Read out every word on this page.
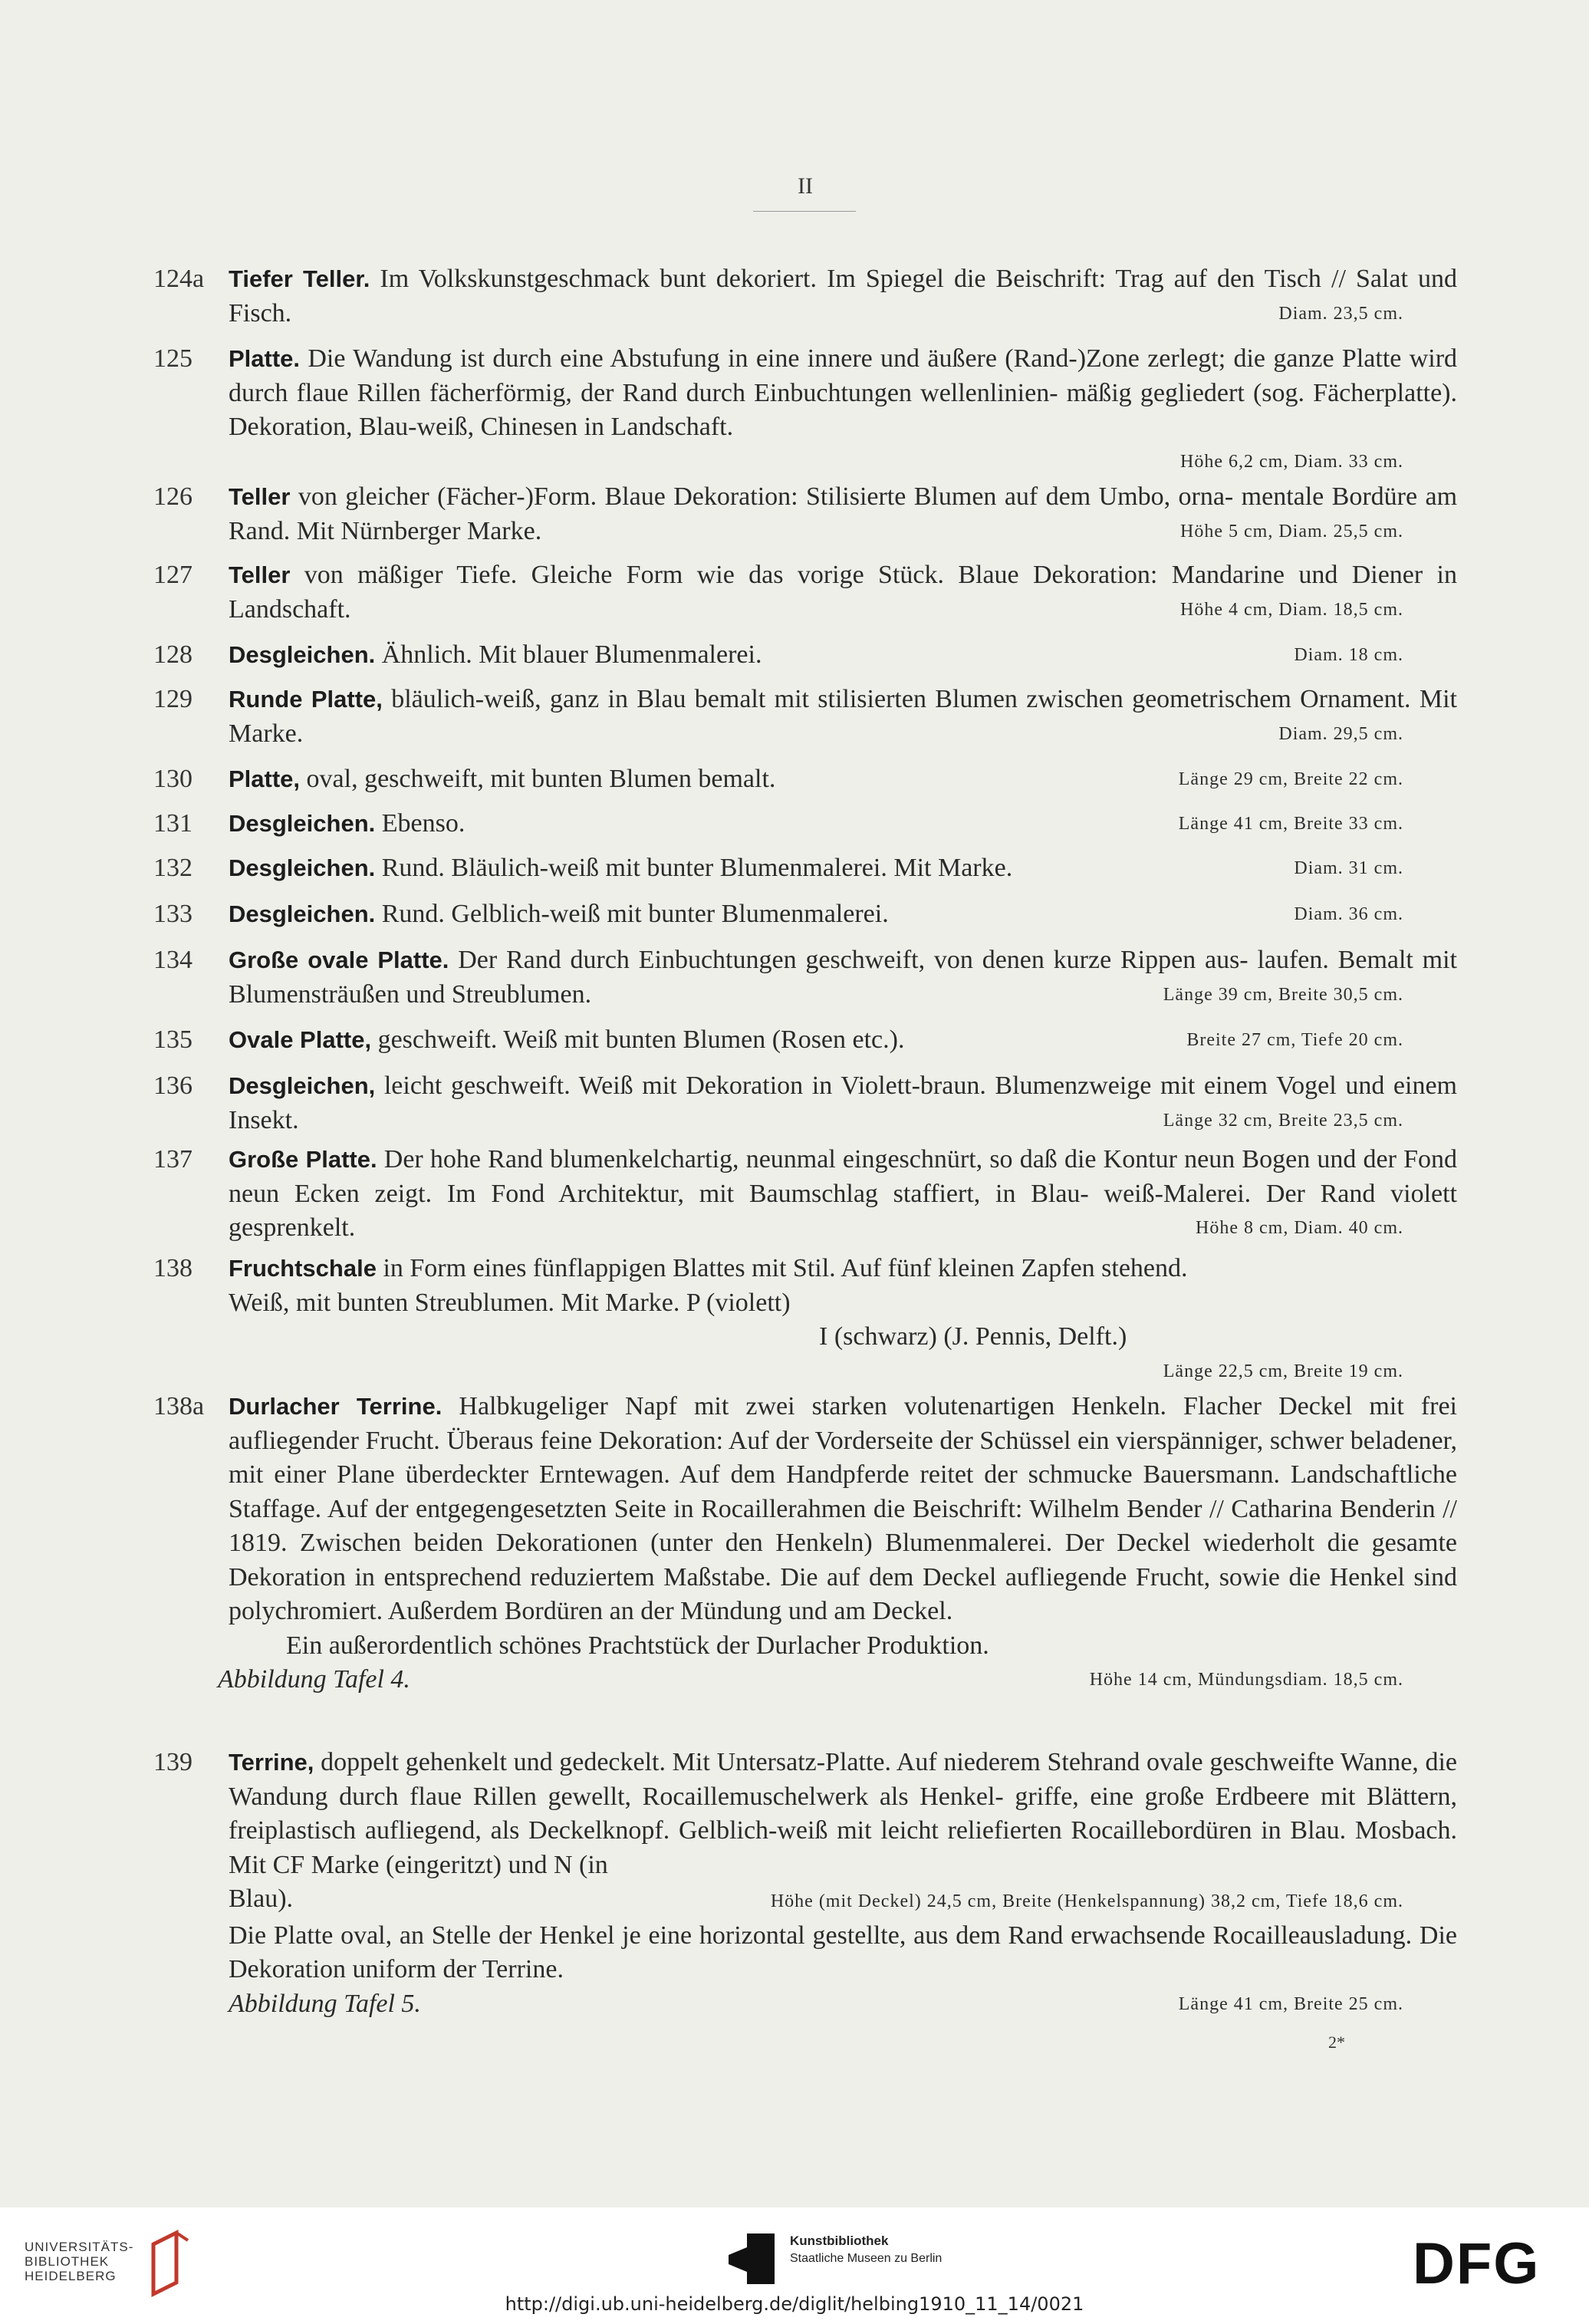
II
124a	Tiefer Teller. Im Volkskunstgeschmack bunt dekoriert. Im Spiegel die Beischrift: Trag auf den Tisch // Salat und Fisch.	Diam. 23,5 cm.
125	Platte. Die Wandung ist durch eine Abstufung in eine innere und äußere (Rand-)Zone zerlegt; die ganze Platte wird durch flaue Rillen fächerförmig, der Rand durch Einbuchtungen wellenlinien- mäßig gegliedert (sog. Fächerplatte). Dekoration, Blau-weiß, Chinesen in Landschaft.
Höhe 6,2 cm, Diam. 33 cm.
126	Teller von gleicher (Fächer-)Form. Blaue Dekoration: Stilisierte Blumen auf dem Umbo, orna- mentale Bordüre am Rand. Mit Nürnberger Marke.	Höhe 5 cm, Diam. 25,5 cm.
127	Teller von mäßiger Tiefe. Gleiche Form wie das vorige Stück. Blaue Dekoration: Mandarine und Diener in Landschaft.	Höhe 4 cm, Diam. 18,5 cm.
128	Desgleichen. Ähnlich. Mit blauer Blumenmalerei.	Diam. 18 cm.
129	Runde Platte, bläulich-weiß, ganz in Blau bemalt mit stilisierten Blumen zwischen geometrischem Ornament. Mit Marke.	Diam. 29,5 cm.
130	Platte, oval, geschweift, mit bunten Blumen bemalt.	Länge 29 cm, Breite 22 cm.
131	Desgleichen. Ebenso.	Länge 41 cm, Breite 33 cm.
132	Desgleichen. Rund. Bläulich-weiß mit bunter Blumenmalerei. Mit Marke.	Diam. 31 cm.
133	Desgleichen. Rund. Gelblich-weiß mit bunter Blumenmalerei.	Diam. 36 cm.
134	Große ovale Platte. Der Rand durch Einbuchtungen geschweift, von denen kurze Rippen aus- laufen. Bemalt mit Blumensträußen und Streublumen.	Länge 39 cm, Breite 30,5 cm.
135	Ovale Platte, geschweift. Weiß mit bunten Blumen (Rosen etc.).	Breite 27 cm, Tiefe 20 cm.
136	Desgleichen, leicht geschweift. Weiß mit Dekoration in Violett-braun. Blumenzweige mit einem Vogel und einem Insekt.	Länge 32 cm, Breite 23,5 cm.
137	Große Platte. Der hohe Rand blumenkelchartig, neunmal eingeschnürt, so daß die Kontur neun Bogen und der Fond neun Ecken zeigt. Im Fond Architektur, mit Baumschlag staffiert, in Blau- weiß-Malerei. Der Rand violett gesprenkelt.	Höhe 8 cm, Diam. 40 cm.
138	Fruchtschale in Form eines fünflappigen Blattes mit Stil. Auf fünf kleinen Zapfen stehend.
Weiß, mit bunten Streublumen. Mit Marke. P (violett)
I (schwarz) (J. Pennis, Delft.)
Länge 22,5 cm, Breite 19 cm.
138a	Durlacher Terrine. Halbkugeliger Napf mit zwei starken volutenartigen Henkeln. Flacher Deckel mit frei aufliegender Frucht. Überaus feine Dekoration: Auf der Vorderseite der Schüssel ein vierspänniger, schwer beladener, mit einer Plane überdeckter Erntewagen. Auf dem Handpferde reitet der schmucke Bauersmann. Landschaftliche Staffage. Auf der entgegengesetzten Seite in Rocaillerahmen die Beischrift: Wilhelm Bender // Catharina Benderin // 1819. Zwischen beiden Dekorationen (unter den Henkeln) Blumenmalerei. Der Deckel wiederholt die gesamte Dekoration in entsprechend reduziertem Maßstabe. Die auf dem Deckel aufliegende Frucht, sowie die Henkel sind polychromiert. Außerdem Bordüren an der Mündung und am Deckel.
Ein außerordentlich schönes Prachtstück der Durlacher Produktion.
Abbildung Tafel 4.	Höhe 14 cm, Mündungsdiam. 18,5 cm.
139	Terrine, doppelt gehenkelt und gedeckelt. Mit Untersatz-Platte. Auf niederem Stehrand ovale geschweifte Wanne, die Wandung durch flaue Rillen gewellt, Rocaillemuschelwerk als Henkel- griffe, eine große Erdbeere mit Blättern, freiplastisch aufliegend, als Deckelknopf. Gelblich-weiß mit leicht reliefierten Rocaillebordüren in Blau. Mosbach. Mit CF Marke (eingeritzt) und N (in
Blau).	Höhe (mit Deckel) 24,5 cm, Breite (Henkelspannung) 38,2 cm, Tiefe 18,6 cm.
Die Platte oval, an Stelle der Henkel je eine horizontal gestellte, aus dem Rand erwachsende Rocailleausladung. Die Dekoration uniform der Terrine.
Abbildung Tafel 5.	Länge 41 cm, Breite 25 cm.
2*
UNIVERSITÄTS-
BIBLIOTHEK
HEIDELBERG
Kunstbibliothek
Staatliche Museen zu Berlin	DFG
http://digi.ub.uni-heidelberg.de/diglit/helbing1910_11_14/0021
